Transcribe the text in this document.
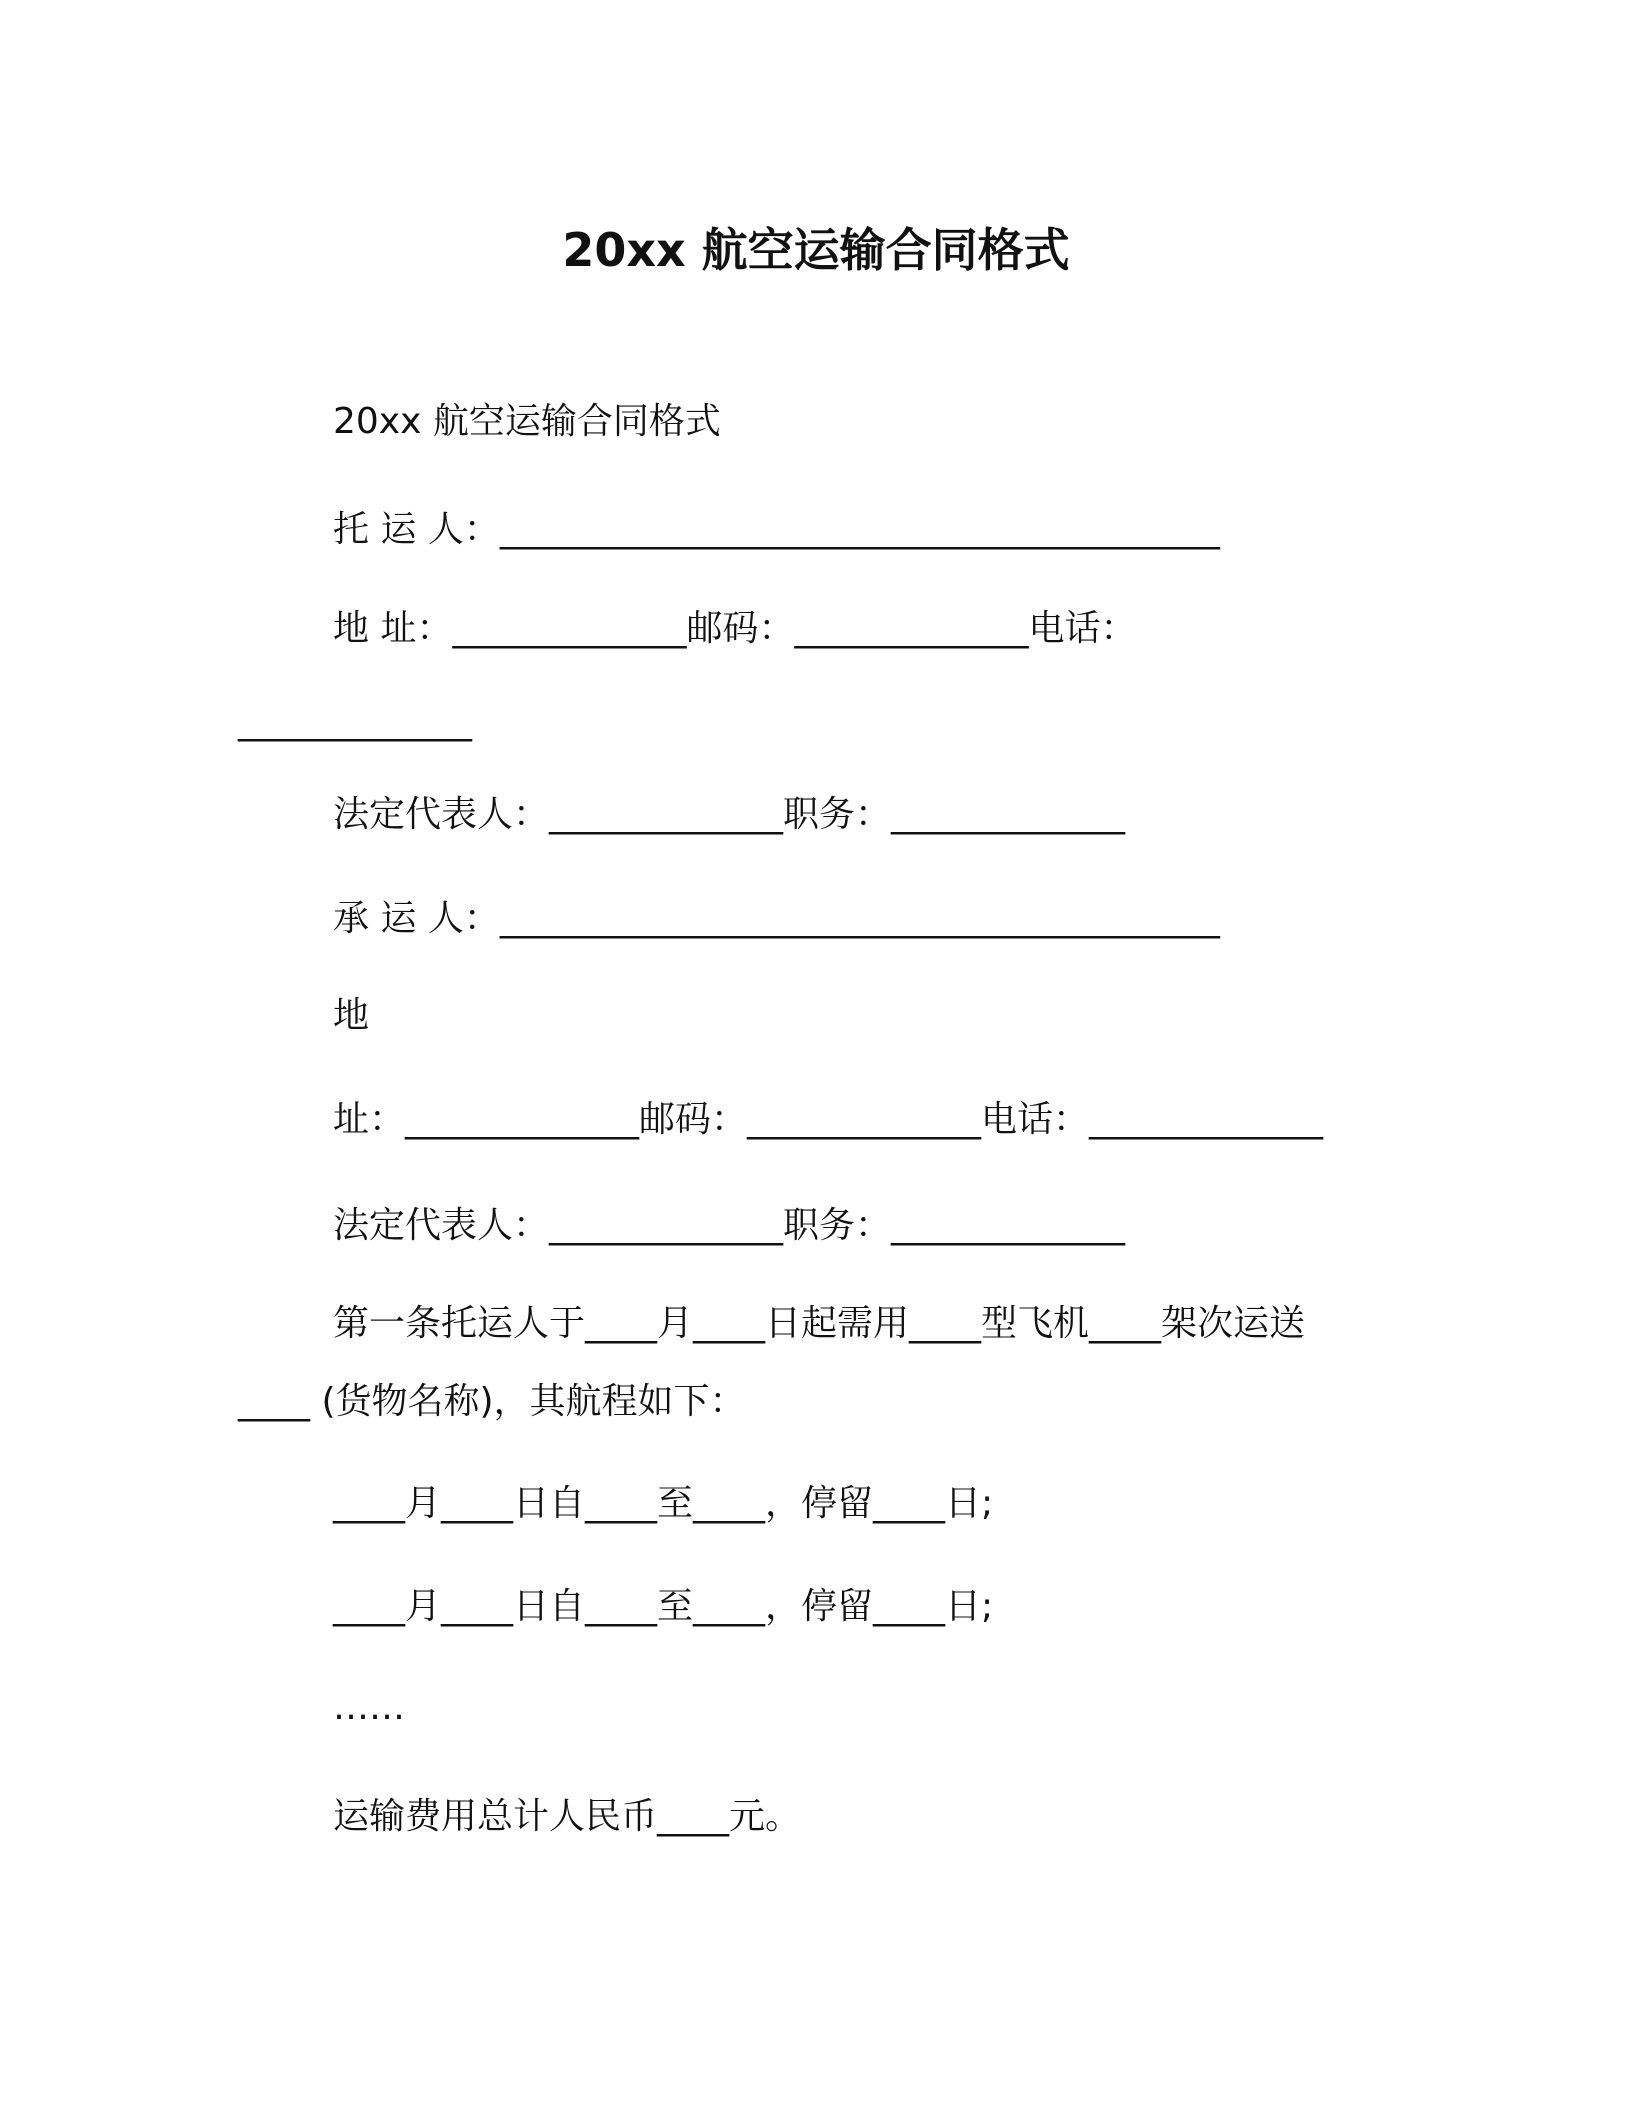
20xx 航空运输合同格式
20xx 航空运输合同格式
托 运 人：________________________________________
地 址：_____________邮码：_____________电话：
_____________
法定代表人：_____________职务：_____________
承 运 人：________________________________________
地
址：_____________邮码：_____________电话：_____________
法定代表人：_____________职务：_____________
第一条托运人于____月____日起需用____型飞机____架次运送
____ (货物名称)，其航程如下：
____月____日自____至____，停留____日;
____月____日自____至____，停留____日;
……
运输费用总计人民币____元。
